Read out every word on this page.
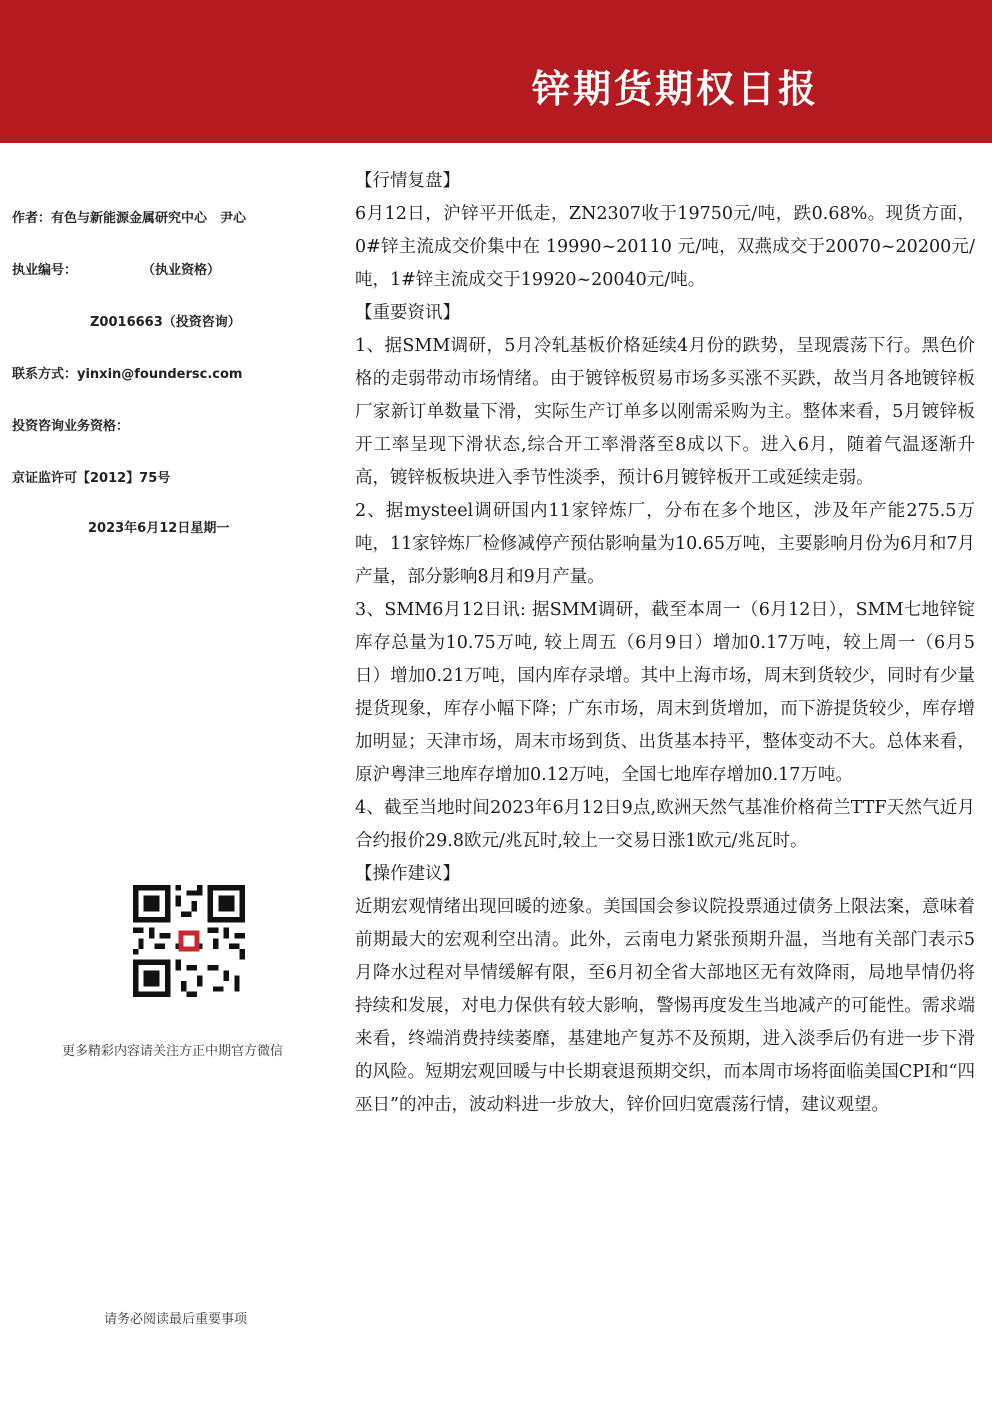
锌期货期权日报
作者：有色与新能源金属研究中心　尹心
执业编号：　　　　　　（执业资格）
Z0016663（投资咨询）
联系方式：yinxin@foundersc.com
投资咨询业务资格：
京证监许可【2012】75号
2023年6月12日星期一
更多精彩内容请关注方正中期官方微信
请务必阅读最后重要事项

【行情复盘】

6月12日，沪锌平开低走，ZN2307收于19750元/吨，跌0.68%。现货方面，0#锌主流成交价集中在 19990~20110 元/吨，双燕成交于20070~20200元/吨，1#锌主流成交于19920~20040元/吨。

【重要资讯】

1、据SMM调研，5月冷轧基板价格延续4月份的跌势，呈现震荡下行。黑色价格的走弱带动市场情绪。由于镀锌板贸易市场多买涨不买跌，故当月各地镀锌板厂家新订单数量下滑，实际生产订单多以刚需采购为主。整体来看，5月镀锌板开工率呈现下滑状态,综合开工率滑落至8成以下。进入6月，随着气温逐渐升高，镀锌板板块进入季节性淡季，预计6月镀锌板开工或延续走弱。

2、据mysteel调研国内11家锌炼厂，分布在多个地区，涉及年产能275.5万吨，11家锌炼厂检修减停产预估影响量为10.65万吨，主要影响月份为6月和7月产量，部分影响8月和9月产量。

3、SMM6月12日讯: 据SMM调研，截至本周一（6月12日），SMM七地锌锭库存总量为10.75万吨, 较上周五（6月9日）增加0.17万吨，较上周一（6月5日）增加0.21万吨，国内库存录增。其中上海市场，周末到货较少，同时有少量提货现象，库存小幅下降；广东市场，周末到货增加，而下游提货较少，库存增加明显；天津市场，周末市场到货、出货基本持平，整体变动不大。总体来看，原沪粤津三地库存增加0.12万吨，全国七地库存增加0.17万吨。

4、截至当地时间2023年6月12日9点,欧洲天然气基准价格荷兰TTF天然气近月合约报价29.8欧元/兆瓦时,较上一交易日涨1欧元/兆瓦时。

【操作建议】

近期宏观情绪出现回暖的迹象。美国国会参议院投票通过债务上限法案，意味着前期最大的宏观利空出清。此外，云南电力紧张预期升温，当地有关部门表示5月降水过程对旱情缓解有限，至6月初全省大部地区无有效降雨，局地旱情仍将持续和发展，对电力保供有较大影响，警惕再度发生当地减产的可能性。需求端来看，终端消费持续萎靡，基建地产复苏不及预期，进入淡季后仍有进一步下滑的风险。短期宏观回暖与中长期衰退预期交织，而本周市场将面临美国CPI和“四巫日”的冲击，波动料进一步放大，锌价回归宽震荡行情，建议观望。
